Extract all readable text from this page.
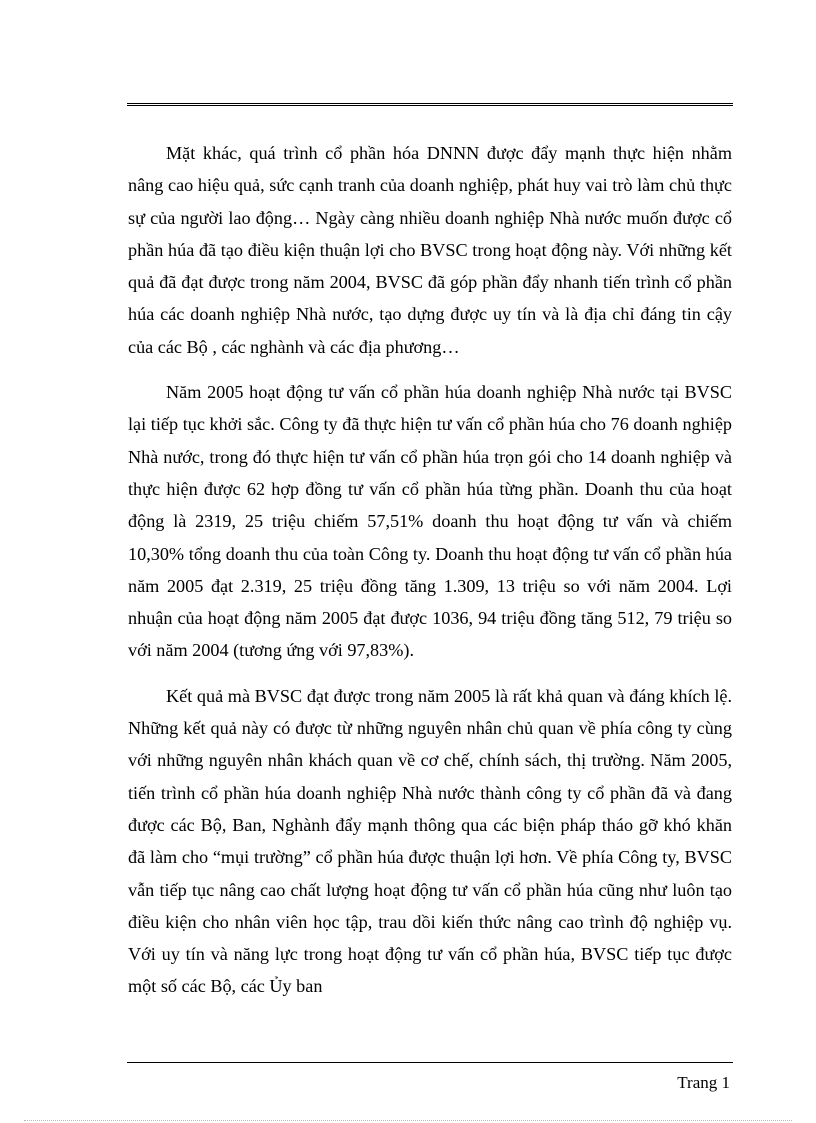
Mặt khác, quá trình cổ phần hóa DNNN được đẩy mạnh thực hiện nhằm nâng cao hiệu quả, sức cạnh tranh của doanh nghiệp, phát huy vai trò làm chủ thực sự của người lao động… Ngày càng nhiều doanh nghiệp Nhà nước muốn được cổ phần húa đã tạo điều kiện thuận lợi cho BVSC trong hoạt động này. Với những kết quả đã đạt được trong năm 2004, BVSC đã góp phần đẩy nhanh tiến trình cổ phần húa các doanh nghiệp Nhà nước, tạo dựng được uy tín và là địa chỉ đáng tin cậy của các Bộ , các nghành và các địa phương…

Năm 2005 hoạt động tư vấn cổ phần húa doanh nghiệp Nhà nước tại BVSC lại tiếp tục khởi sắc. Công ty đã thực hiện tư vấn cổ phần húa cho 76 doanh nghiệp Nhà nước, trong đó thực hiện tư vấn cổ phần húa trọn gói cho 14 doanh nghiệp và thực hiện được 62 hợp đồng tư vấn cổ phần húa từng phần. Doanh thu của hoạt động là 2319, 25 triệu chiếm 57,51% doanh thu hoạt động tư vấn và chiếm 10,30% tổng doanh thu của toàn Công ty. Doanh thu hoạt động tư vấn cổ phần húa năm 2005 đạt 2.319, 25 triệu đồng tăng 1.309, 13 triệu so với năm 2004. Lợi nhuận của hoạt động năm 2005 đạt được 1036, 94 triệu đồng tăng 512, 79 triệu so với năm 2004 (tương ứng với 97,83%).

Kết quả mà BVSC đạt được trong năm 2005 là rất khả quan và đáng khích lệ. Những kết quả này có được từ những nguyên nhân chủ quan về phía công ty cùng với những nguyên nhân khách quan về cơ chế, chính sách, thị trường. Năm 2005, tiến trình cổ phần húa doanh nghiệp Nhà nước thành công ty cổ phần đã và đang được các Bộ, Ban, Nghành đẩy mạnh thông qua các biện pháp tháo gỡ khó khăn đã làm cho “mụi trường” cổ phần húa được thuận lợi hơn. Về phía Công ty, BVSC vẫn tiếp tục nâng cao chất lượng hoạt động tư vấn cổ phần húa cũng như luôn tạo điều kiện cho nhân viên học tập, trau dồi kiến thức nâng cao trình độ nghiệp vụ. Với uy tín và năng lực trong hoạt động tư vấn cổ phần húa, BVSC tiếp tục được một số các Bộ, các Ủy ban

Trang 1
